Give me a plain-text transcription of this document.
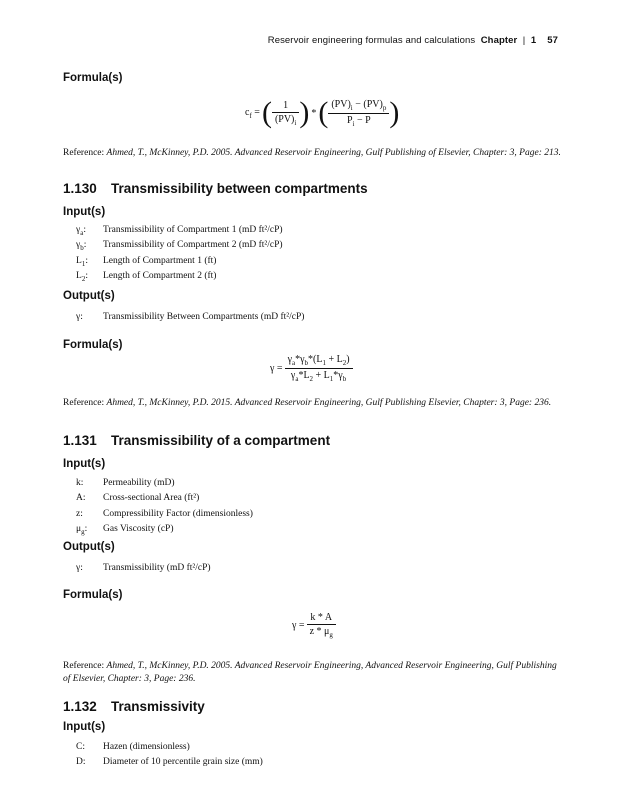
Reservoir engineering formulas and calculations Chapter | 1 57
Formula(s)
$c_f$ =( $\frac{1}{(PV)_i}$ ) *( $\frac{(PV)_i - (PV)_p}{P_i - P}$ )
Reference: Ahmed, T., McKinney, P.D. 2005. Advanced Reservoir Engineering, Gulf Publishing of Elsevier, Chapter: 3, Page: 213.
1.130 Transmissibility between compartments
Input(s)
$\gamma_a$: Transmissibility of Compartment 1 (mD ft²/cP)
$\gamma_b$: Transmissibility of Compartment 2 (mD ft²/cP)
$L_1$: Length of Compartment 1 (ft)
$L_2$: Length of Compartment 2 (ft)
Output(s)
γ: Transmissibility Between Compartments (mD ft²/cP)
Formula(s)
$\gamma = \frac{\gamma_a*\gamma_b*(L_1 + L_2)}{\gamma_a*L_2 + L_1*\gamma_b}$
Reference: Ahmed, T., McKinney, P.D. 2015. Advanced Reservoir Engineering, Gulf Publishing Elsevier, Chapter: 3, Page: 236.
1.131 Transmissibility of a compartment
Input(s)
k: Permeability (mD)
A: Cross-sectional Area (ft²)
z: Compressibility Factor (dimensionless)
$\mu_g$: Gas Viscosity (cP)
Output(s)
γ: Transmissibility (mD ft²/cP)
Formula(s)
$\gamma = \frac{k * A}{z * \mu_g}$
Reference: Ahmed, T., McKinney, P.D. 2005. Advanced Reservoir Engineering, Advanced Reservoir Engineering, Gulf Publishing of Elsevier, Chapter: 3, Page: 236.
1.132 Transmissivity
Input(s)
C: Hazen (dimensionless)
D: Diameter of 10 percentile grain size (mm)
